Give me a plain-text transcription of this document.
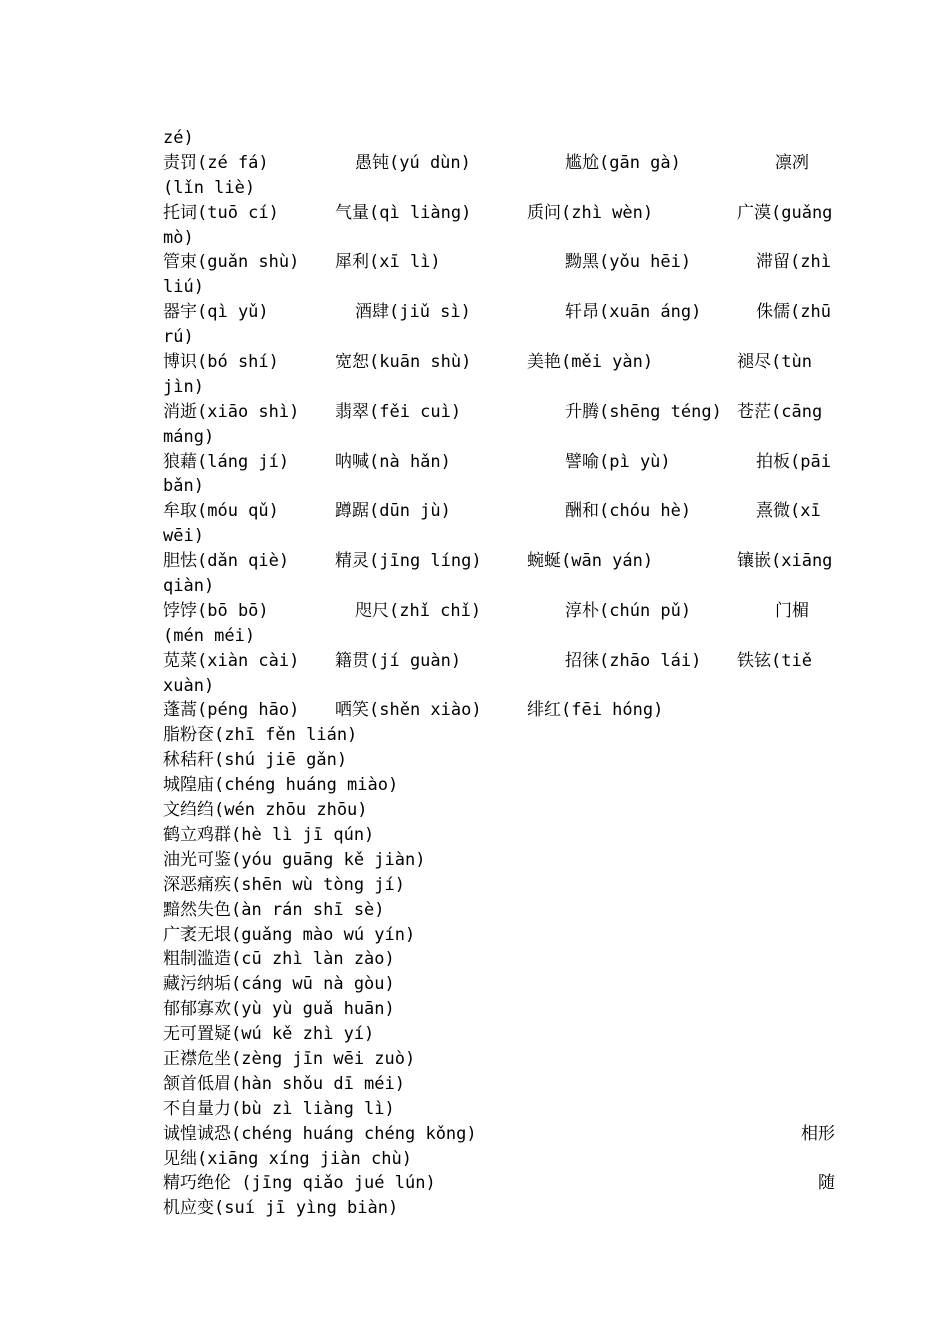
zé)
责罚(zé fá)	愚钝(yú dùn)	尴尬(gān gà)	凛冽
(lǐn liè)
托词(tuō cí)	气量(qì liàng)	质问(zhì wèn)	广漠(guǎng
mò)
管束(guǎn shù) 犀利(xī lì)	黝黑(yǒu hēi)	滞留(zhì
liú)
器宇(qì yǔ)	酒肆(jiǔ sì)	轩昂(xuān áng)	侏儒(zhū
rú)
博识(bó shí)	宽恕(kuān shù)	美艳(měi yàn)	褪尽(tùn
jìn)
消逝(xiāo shì) 翡翠(fěi cuì)	升腾(shēng téng) 苍茫(cāng
máng)
狼藉(láng jí)	呐喊(nà hǎn)	譬喻(pì yù)	拍板(pāi
bǎn)
牟取(móu qǔ)	蹲踞(dūn jù)	酬和(chóu hè)	熹微(xī
wēi)
胆怯(dǎn qiè)	精灵(jīng líng)	蜿蜒(wān yán)	镶嵌(xiāng
qiàn)
饽饽(bō bō)	咫尺(zhǐ chǐ)	淳朴(chún pǔ)	门楣
(mén méi)
苋菜(xiàn cài) 籍贯(jí guàn)	招徕(zhāo lái) 铁铉(tiě
xuàn)
蓬蒿(péng hāo) 哂笑(shěn xiào)	绯红(fēi hóng)
脂粉奁(zhī fěn lián)
秫秸秆(shú jiē gǎn)
城隍庙(chéng huáng miào)
文绉绉(wén zhōu zhōu)
鹤立鸡群(hè lì jī qún)
油光可鉴(yóu guāng kě jiàn)
深恶痛疾(shēn wù tòng jí)
黯然失色(àn rán shī sè)
广袤无垠(guǎng mào wú yín)
粗制滥造(cū zhì làn zào)
藏污纳垢(cáng wū nà gòu)
郁郁寡欢(yù yù guǎ huān)
无可置疑(wú kě zhì yí)
正襟危坐(zèng jīn wēi zuò)
颔首低眉(hàn shǒu dī méi)
不自量力(bù zì liàng lì)
诚惶诚恐(chéng huáng chéng kǒng)	相形
见绌(xiāng xíng jiàn chù)
精巧绝伦 (jīng qiǎo jué lún)	随
机应变(suí jī yìng biàn)
